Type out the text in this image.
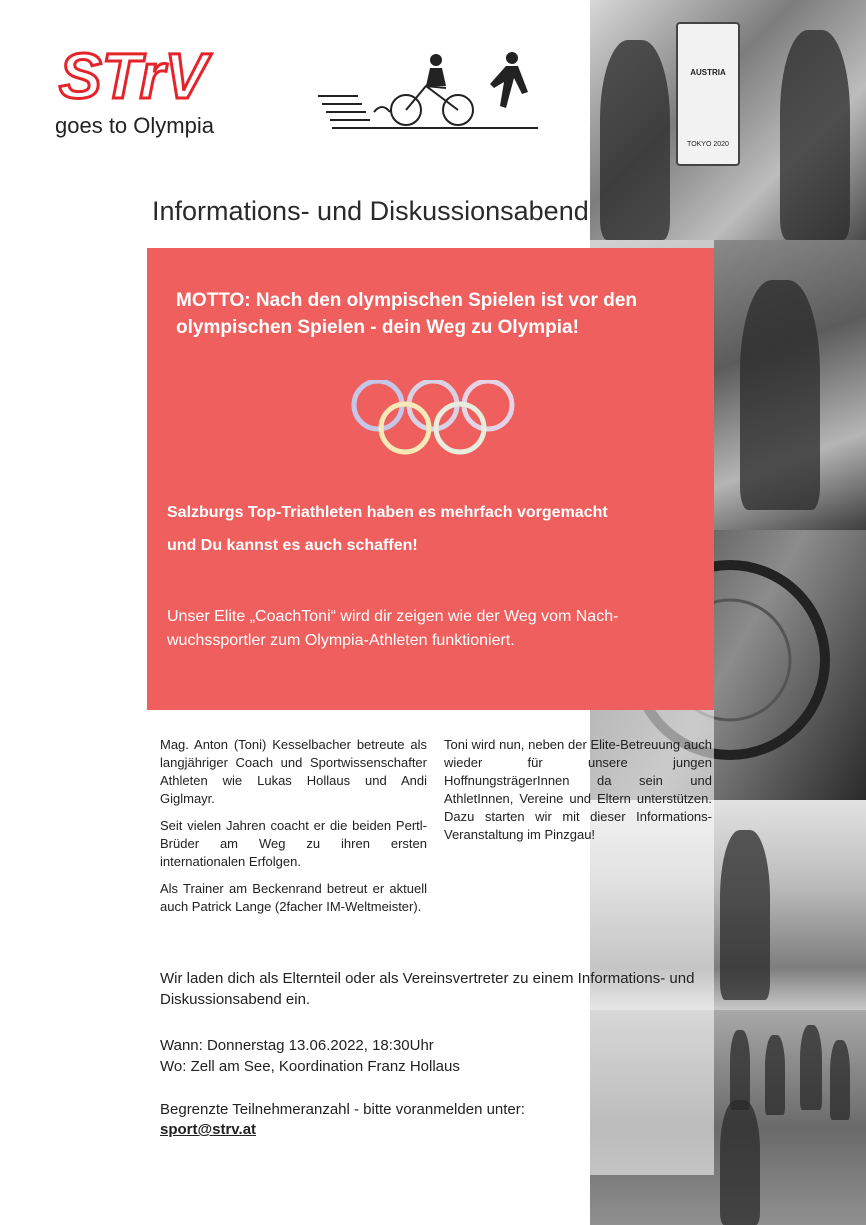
AUSTRIA
TOKYO 2020
STrV
goes to Olympia
Informations- und Diskussionsabend
MOTTO: Nach den olympischen Spielen ist vor den olympischen Spielen - dein Weg zu Olympia!
Salzburgs Top-Triathleten haben es mehrfach vorgemacht
und Du kannst es auch schaffen!
Unser Elite „CoachToni“ wird dir zeigen wie der Weg vom Nachwuchssportler zum Olympia-Athleten funktioniert.

Mag. Anton (Toni) Kesselbacher betreute als langjähriger Coach und Sportwissenschafter Athleten wie Lukas Hollaus und Andi Giglmayr.

Seit vielen Jahren coacht er die beiden Pertl-Brüder am Weg zu ihren ersten internationalen Erfolgen.

Als Trainer am Beckenrand betreut er aktuell auch Patrick Lange (2facher IM-Weltmeister).

Toni wird nun, neben der Elite-Betreuung auch wieder für unsere jungen HoffnungsträgerInnen da sein und AthletInnen, Vereine und Eltern unterstützen. Dazu starten wir mit dieser Informations-Veranstaltung im Pinzgau!

Wir laden dich als Elternteil oder als Vereinsvertreter zu einem Informations- und Diskussionsabend ein.
Wann: Donnerstag 13.06.2022, 18:30Uhr
Wo: Zell am See, Koordination Franz Hollaus
Begrenzte Teilnehmeranzahl - bitte voranmelden unter:
sport@strv.at
